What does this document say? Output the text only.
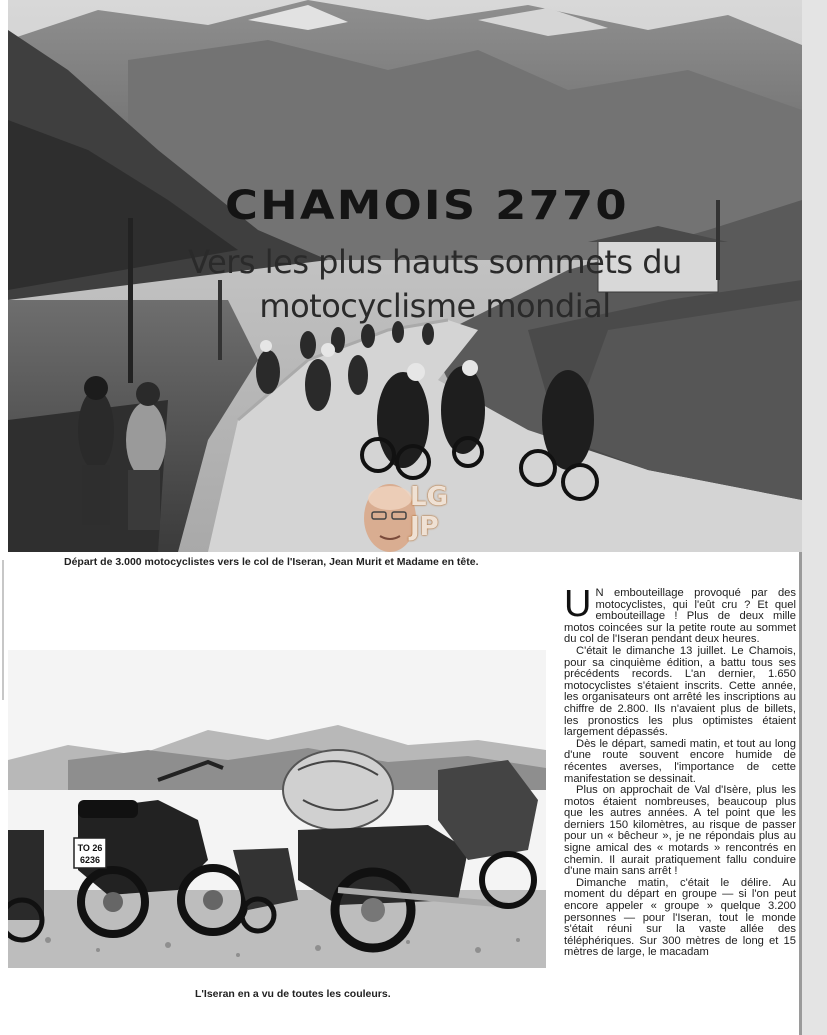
CHAMOIS 2770
Vers les plus hauts sommets du
motocyclisme mondial
LG
JP
Départ de 3.000 motocyclistes vers le col de l'Iseran, Jean Murit et Madame en tête.
TO 26
6236
L'Iseran en a vu de toutes les couleurs.
U N embouteillage provoqué par des motocyclistes, qui l'eût cru ? Et quel embouteillage ! Plus de deux mille motos coincées sur la petite route au sommet du col de l'Iseran pendant deux heures.

C'était le dimanche 13 juillet. Le Chamois, pour sa cinquième édition, a battu tous ses précédents records. L'an dernier, 1.650 motocyclistes s'étaient inscrits. Cette année, les organisateurs ont arrêté les inscriptions au chiffre de 2.800. Ils n'avaient plus de billets, les pronostics les plus optimistes étaient largement dépassés.

Dès le départ, samedi matin, et tout au long d'une route souvent encore humide de récentes averses, l'importance de cette manifestation se dessinait.

Plus on approchait de Val d'Isère, plus les motos étaient nombreuses, beaucoup plus que les autres années. A tel point que les derniers 150 kilomètres, au risque de passer pour un « bêcheur », je ne répondais plus au signe amical des « motards » rencontrés en chemin. Il aurait pratiquement fallu conduire d'une main sans arrêt !

Dimanche matin, c'était le délire. Au moment du départ en groupe — si l'on peut encore appeler « groupe » quelque 3.200 personnes — pour l'Iseran, tout le monde s'était réuni sur la vaste allée des téléphériques. Sur 300 mètres de long et 15 mètres de large, le macadam
